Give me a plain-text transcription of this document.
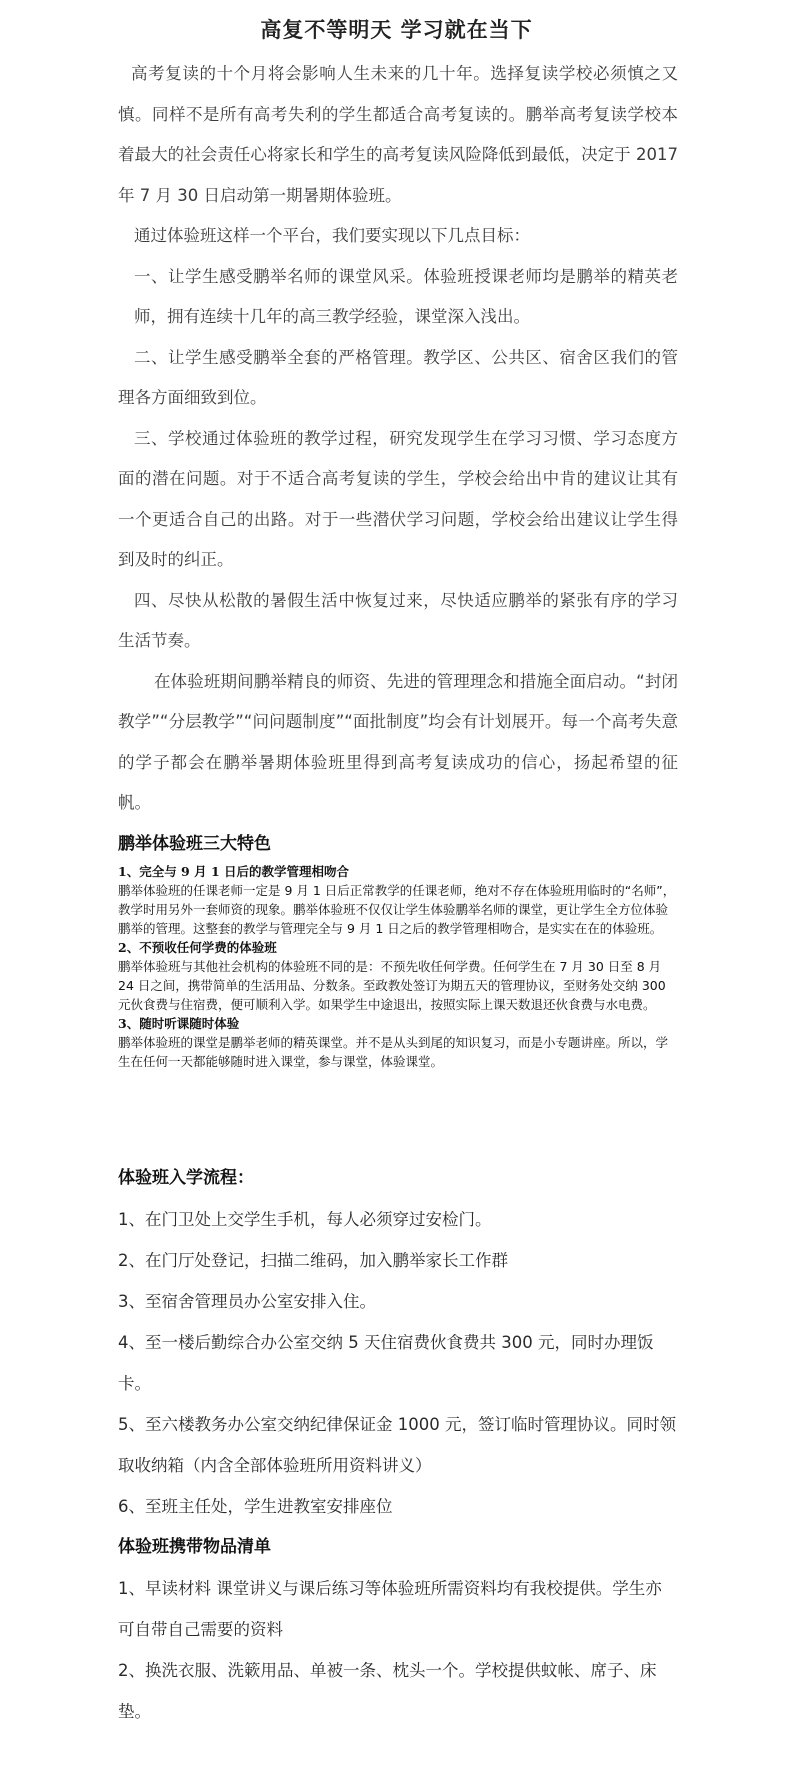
高复不等明天 学习就在当下

高考复读的十个月将会影响人生未来的几十年。选择复读学校必须慎之又慎。同样不是所有高考失利的学生都适合高考复读的。鹏举高考复读学校本着最大的社会责任心将家长和学生的高考复读风险降低到最低，决定于 2017 年 7 月 30 日启动第一期暑期体验班。

通过体验班这样一个平台，我们要实现以下几点目标：

一、让学生感受鹏举名师的课堂风采。体验班授课老师均是鹏举的精英老师，拥有连续十几年的高三教学经验，课堂深入浅出。

二、让学生感受鹏举全套的严格管理。教学区、公共区、宿舍区我们的管理各方面细致到位。

三、学校通过体验班的教学过程，研究发现学生在学习习惯、学习态度方面的潜在问题。对于不适合高考复读的学生，学校会给出中肯的建议让其有一个更适合自己的出路。对于一些潜伏学习问题，学校会给出建议让学生得到及时的纠正。

四、尽快从松散的暑假生活中恢复过来，尽快适应鹏举的紧张有序的学习生活节奏。

在体验班期间鹏举精良的师资、先进的管理理念和措施全面启动。“封闭教学”“分层教学”“问问题制度”“面批制度”均会有计划展开。每一个高考失意的学子都会在鹏举暑期体验班里得到高考复读成功的信心，扬起希望的征帆。

鹏举体验班三大特色

1、完全与 9 月 1 日后的教学管理相吻合

鹏举体验班的任课老师一定是 9 月 1 日后正常教学的任课老师，绝对不存在体验班用临时的“名师”，教学时用另外一套师资的现象。鹏举体验班不仅仅让学生体验鹏举名师的课堂，更让学生全方位体验鹏举的管理。这整套的教学与管理完全与 9 月 1 日之后的教学管理相吻合，是实实在在的体验班。

2、不预收任何学费的体验班

鹏举体验班与其他社会机构的体验班不同的是：不预先收任何学费。任何学生在 7 月 30 日至 8 月 24 日之间，携带简单的生活用品、分数条。至政教处签订为期五天的管理协议，至财务处交纳 300 元伙食费与住宿费，便可顺利入学。如果学生中途退出，按照实际上课天数退还伙食费与水电费。

3、随时听课随时体验

鹏举体验班的课堂是鹏举老师的精英课堂。并不是从头到尾的知识复习，而是小专题讲座。所以，学生在任何一天都能够随时进入课堂，参与课堂，体验课堂。

体验班入学流程：

1、在门卫处上交学生手机，每人必须穿过安检门。

2、在门厅处登记，扫描二维码，加入鹏举家长工作群

3、至宿舍管理员办公室安排入住。

4、至一楼后勤综合办公室交纳 5 天住宿费伙食费共 300 元，同时办理饭卡。

5、至六楼教务办公室交纳纪律保证金 1000 元，签订临时管理协议。同时领取收纳箱（内含全部体验班所用资料讲义）

6、至班主任处，学生进教室安排座位

体验班携带物品清单

1、早读材料 课堂讲义与课后练习等体验班所需资料均有我校提供。学生亦可自带自己需要的资料

2、换洗衣服、洗簌用品、单被一条、枕头一个。学校提供蚊帐、席子、床垫。
